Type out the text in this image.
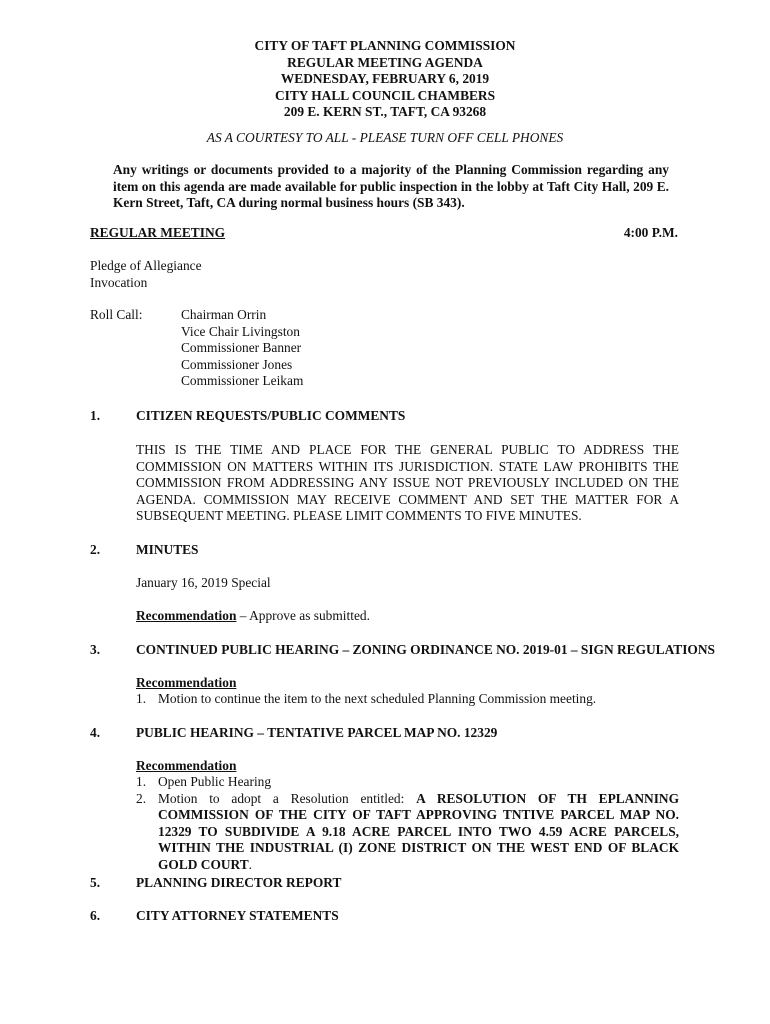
CITY OF TAFT PLANNING COMMISSION
REGULAR MEETING AGENDA
WEDNESDAY, FEBRUARY 6, 2019
CITY HALL COUNCIL CHAMBERS
209 E. KERN ST., TAFT, CA 93268
AS A COURTESY TO ALL - PLEASE TURN OFF CELL PHONES
Any writings or documents provided to a majority of the Planning Commission regarding any item on this agenda are made available for public inspection in the lobby at Taft City Hall, 209 E. Kern Street, Taft, CA during normal business hours (SB 343).
REGULAR MEETING	4:00 P.M.
Pledge of Allegiance
Invocation
Roll Call:	Chairman Orrin
Vice Chair Livingston
Commissioner Banner
Commissioner Jones
Commissioner Leikam
1.	CITIZEN REQUESTS/PUBLIC COMMENTS
THIS IS THE TIME AND PLACE FOR THE GENERAL PUBLIC TO ADDRESS THE COMMISSION ON MATTERS WITHIN ITS JURISDICTION. STATE LAW PROHIBITS THE COMMISSION FROM ADDRESSING ANY ISSUE NOT PREVIOUSLY INCLUDED ON THE AGENDA. COMMISSION MAY RECEIVE COMMENT AND SET THE MATTER FOR A SUBSEQUENT MEETING. PLEASE LIMIT COMMENTS TO FIVE MINUTES.
2.	MINUTES
January 16, 2019 Special
Recommendation – Approve as submitted.
3.	CONTINUED PUBLIC HEARING – ZONING ORDINANCE NO. 2019-01 – SIGN REGULATIONS
Recommendation
1. Motion to continue the item to the next scheduled Planning Commission meeting.
4.	PUBLIC HEARING – TENTATIVE PARCEL MAP NO. 12329
Recommendation
1. Open Public Hearing
2. Motion to adopt a Resolution entitled: A RESOLUTION OF TH EPLANNING COMMISSION OF THE CITY OF TAFT APPROVING TNTIVE PARCEL MAP NO. 12329 TO SUBDIVIDE A 9.18 ACRE PARCEL INTO TWO 4.59 ACRE PARCELS, WITHIN THE INDUSTRIAL (I) ZONE DISTRICT ON THE WEST END OF BLACK GOLD COURT.
5.	PLANNING DIRECTOR REPORT
6.	CITY ATTORNEY STATEMENTS
